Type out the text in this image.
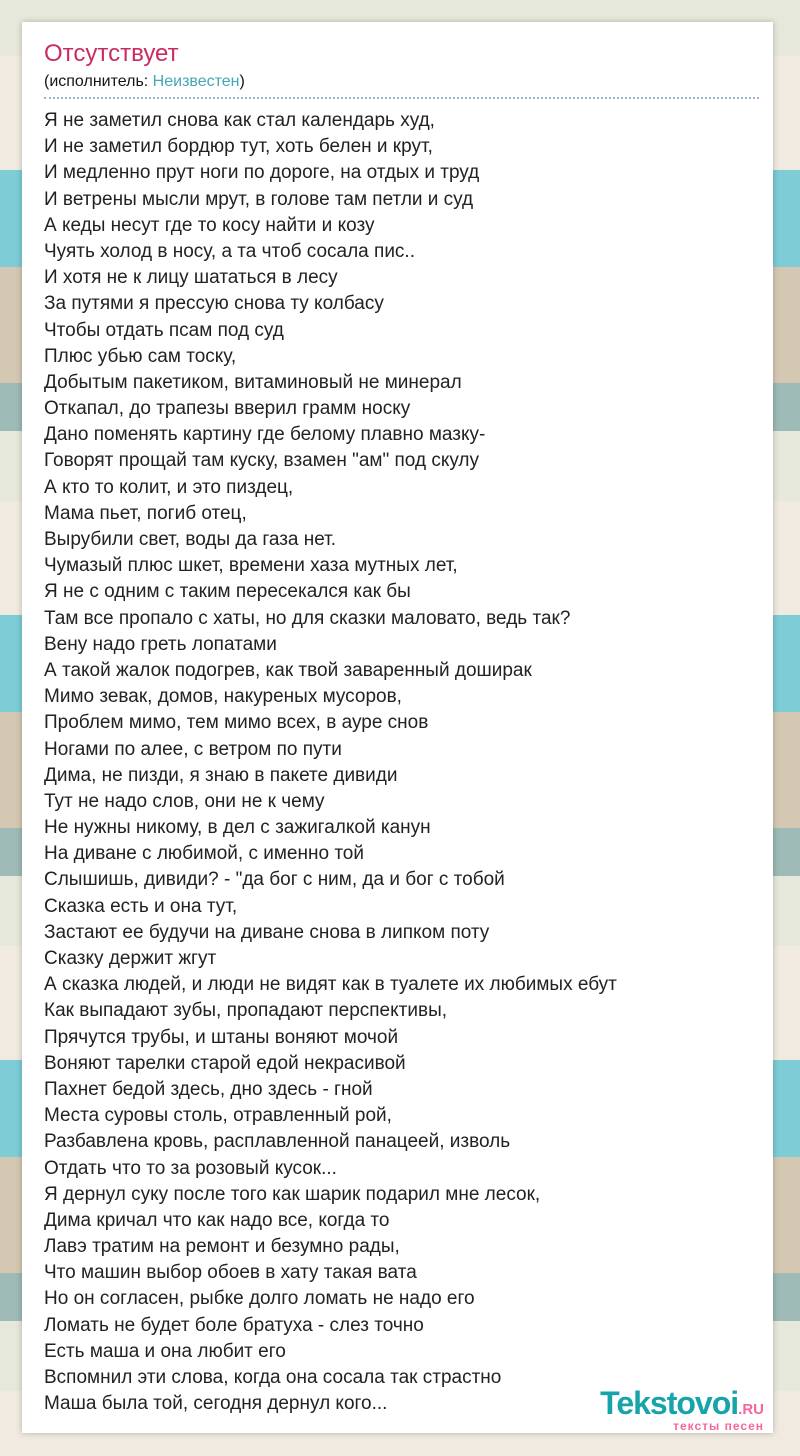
Отсутствует
(исполнитель: Неизвестен)
Я не заметил снова как стал календарь худ,
И не заметил бордюр тут, хоть белен и крут,
И медленно прут ноги по дороге, на отдых и труд
И ветрены мысли мрут, в голове там петли и суд
А кеды несут где то косу найти и козу
Чуять холод в носу, а та чтоб сосала пис..
И хотя не к лицу шататься в лесу
За путями я прессую снова ту колбасу
Чтобы отдать псам под суд
Плюс убью сам тоску,
Добытым пакетиком, витаминовый не минерал
Откапал, до трапезы вверил грамм носку
Дано поменять картину где белому плавно мазку-
Говорят прощай там куску, взамен "ам" под скулу
А кто то колит, и это пиздец,
Мама пьет, погиб отец,
Вырубили свет, воды да газа нет.
Чумазый плюс шкет, времени хаза мутных лет,
Я не с одним с таким пересекался как бы
Там все пропало с хаты, но для сказки маловато, ведь так?
Вену надо греть лопатами
А такой жалок подогрев, как твой заваренный доширак
Мимо зевак, домов, накуреных мусоров,
Проблем мимо, тем мимо всех, в ауре снов
Ногами по алее, с ветром по пути
Дима, не пизди, я знаю в пакете дивиди
Тут не надо слов, они не к чему
Не нужны никому, в дел с зажигалкой канун
На диване с любимой, с именно той
Слышишь, дивиди? - "да бог с ним, да и бог с тобой
Сказка есть и она тут,
Застают ее будучи на диване снова в липком поту
Сказку держит жгут
А сказка людей, и люди не видят как в туалете их любимых ебут
Как выпадают зубы, пропадают перспективы,
Прячутся трубы, и штаны воняют мочой
Воняют тарелки старой едой некрасивой
Пахнет бедой здесь, дно здесь - гной
Места суровы столь, отравленный рой,
Разбавлена кровь, расплавленной панацеей, изволь
Отдать что то за розовый кусок...
Я дернул суку после того как шарик подарил мне лесок,
Дима кричал что как надо все, когда то
Лавэ тратим на ремонт и безумно рады,
Что машин выбор обоев в хату такая вата
Но он согласен, рыбке долго ломать не надо его
Ломать не будет боле братуха - слез точно
Есть маша и она любит его
Вспомнил эти слова, когда она сосала так страстно
Маша была той, сегодня дернул кого...	Tekstovoi.RU
тексты песен
